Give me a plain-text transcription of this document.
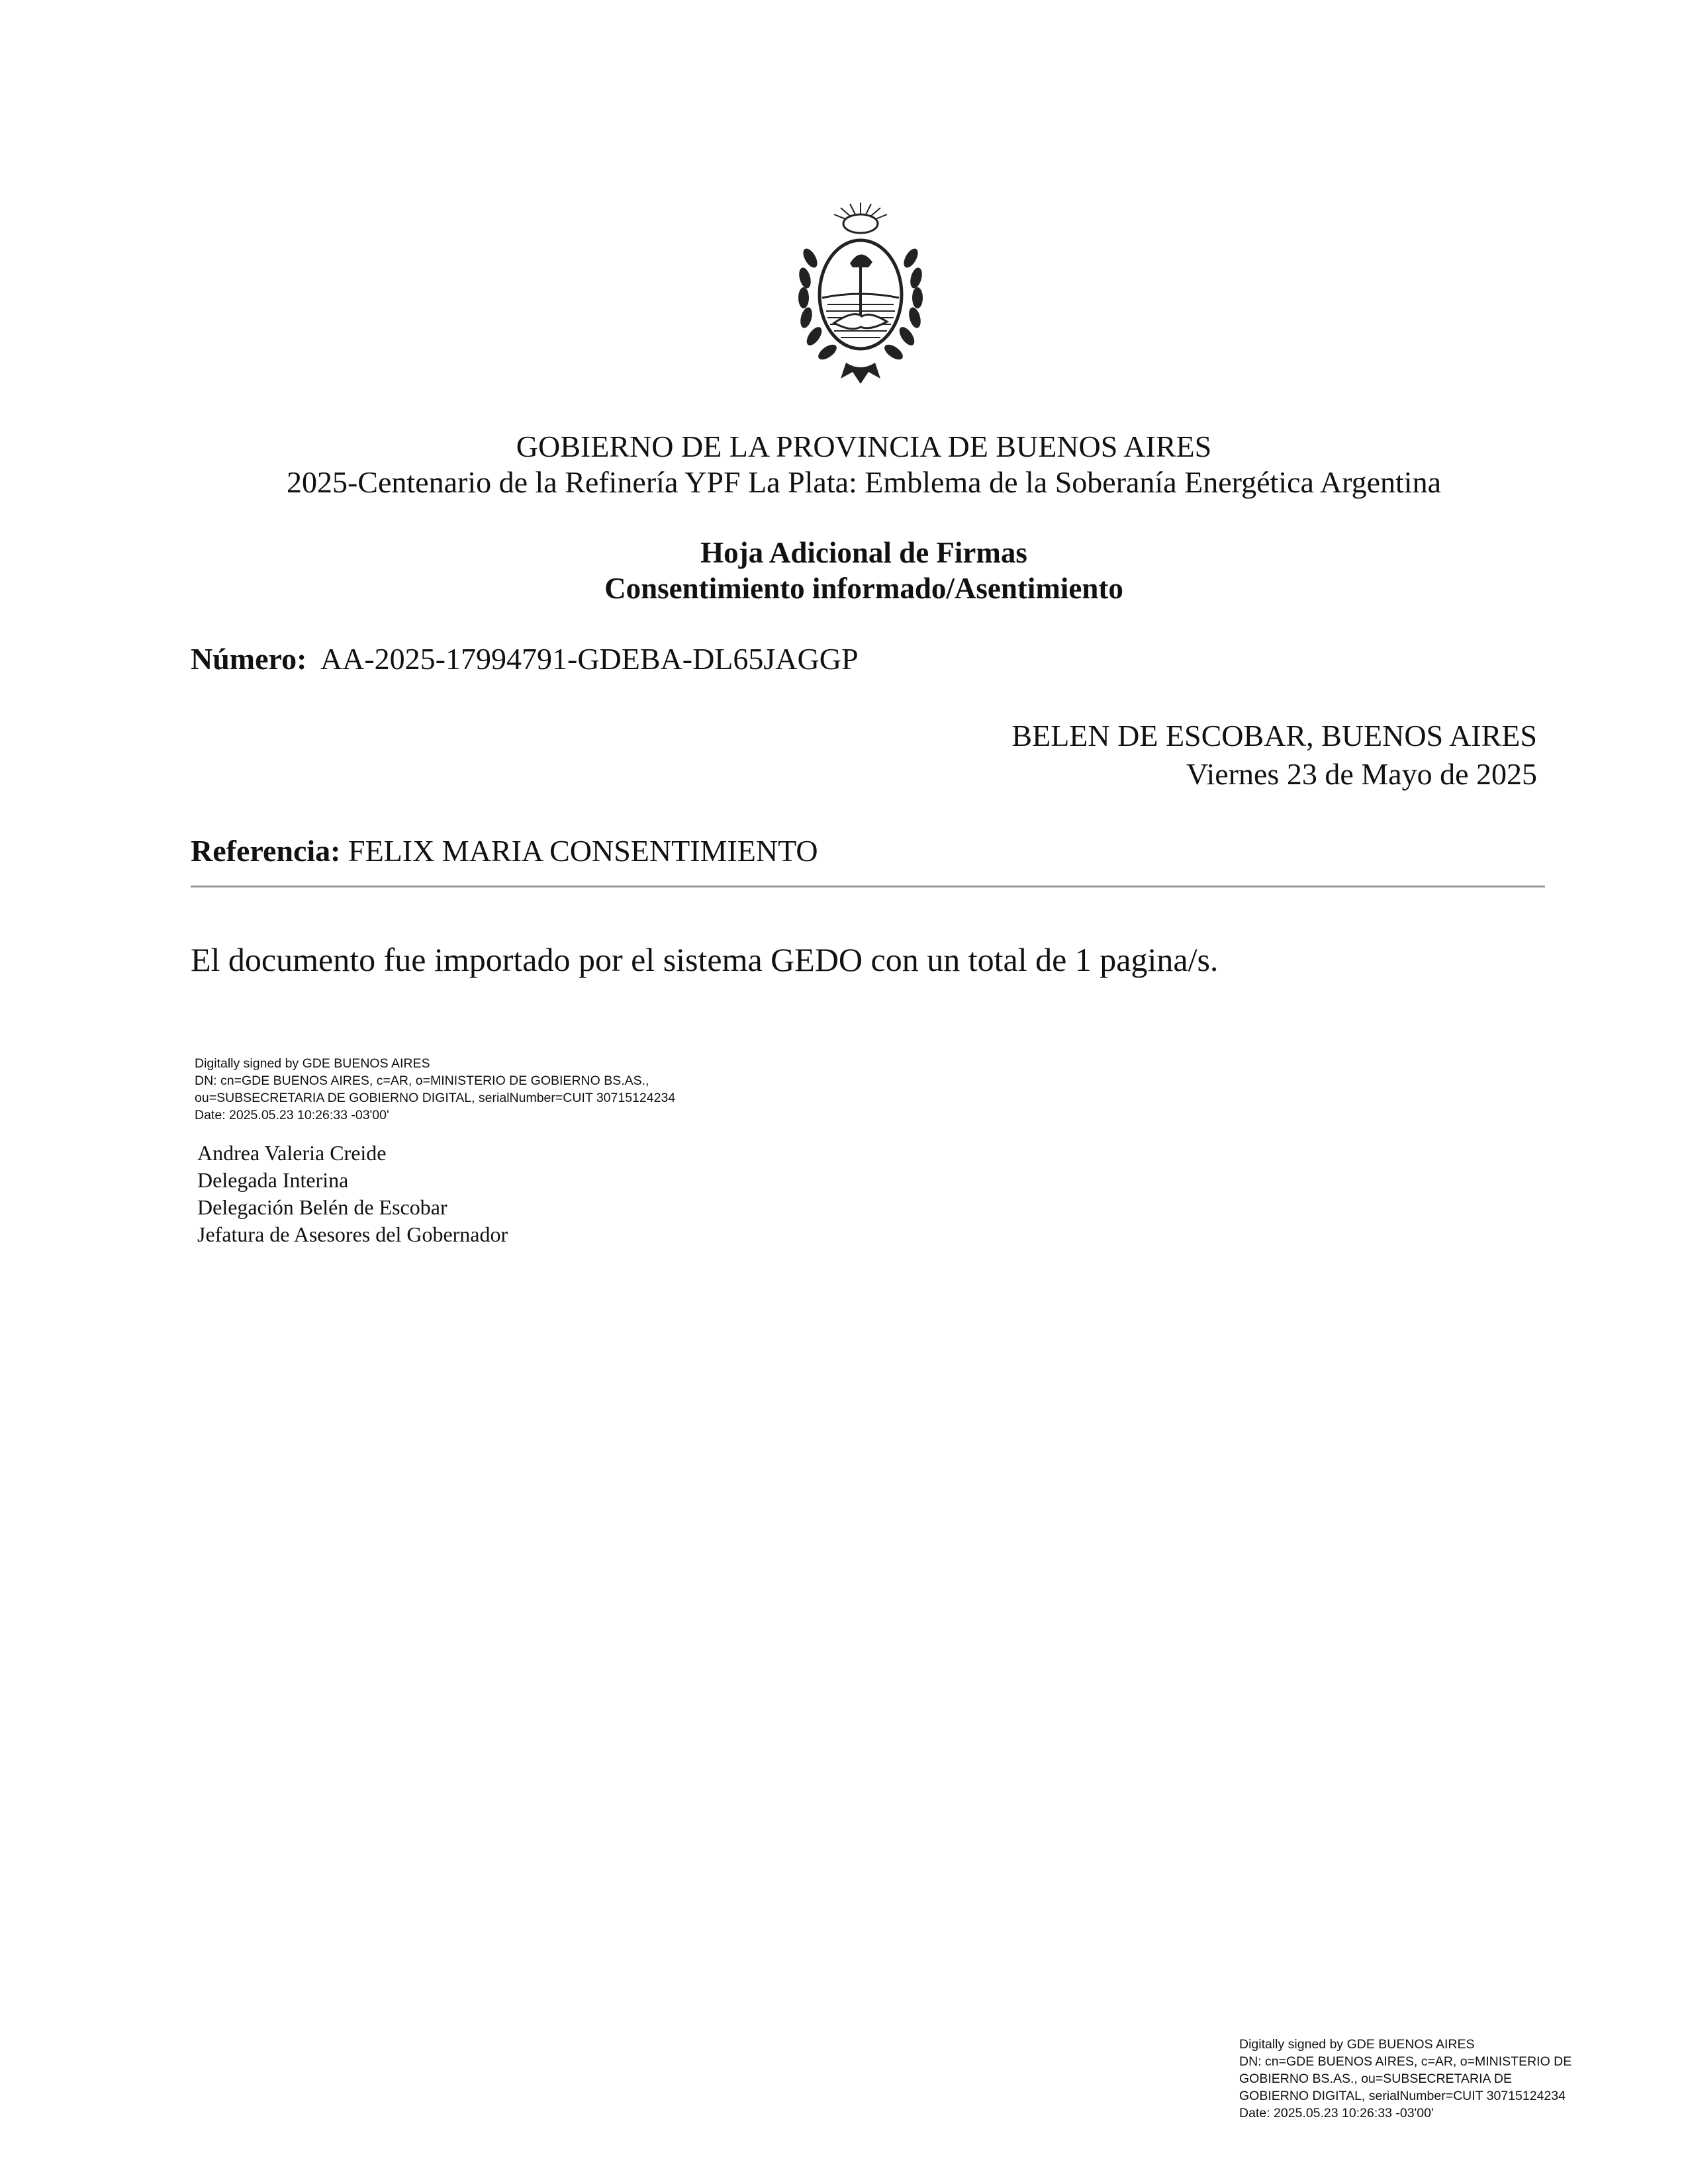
GOBIERNO DE LA PROVINCIA DE BUENOS AIRES
2025-Centenario de la Refinería YPF La Plata: Emblema de la Soberanía Energética Argentina
Hoja Adicional de Firmas
Consentimiento informado/Asentimiento
Número: AA-2025-17994791-GDEBA-DL65JAGGP
BELEN DE ESCOBAR, BUENOS AIRES
Viernes 23 de Mayo de 2025
Referencia: FELIX MARIA CONSENTIMIENTO
El documento fue importado por el sistema GEDO con un total de 1 pagina/s.
Digitally signed by GDE BUENOS AIRES
DN: cn=GDE BUENOS AIRES, c=AR, o=MINISTERIO DE GOBIERNO BS.AS.,
ou=SUBSECRETARIA DE GOBIERNO DIGITAL, serialNumber=CUIT 30715124234
Date: 2025.05.23 10:26:33 -03'00'
Andrea Valeria Creide
Delegada Interina
Delegación Belén de Escobar
Jefatura de Asesores del Gobernador
Digitally signed by GDE BUENOS AIRES
DN: cn=GDE BUENOS AIRES, c=AR, o=MINISTERIO DE
GOBIERNO BS.AS., ou=SUBSECRETARIA DE
GOBIERNO DIGITAL, serialNumber=CUIT 30715124234
Date: 2025.05.23 10:26:33 -03'00'
